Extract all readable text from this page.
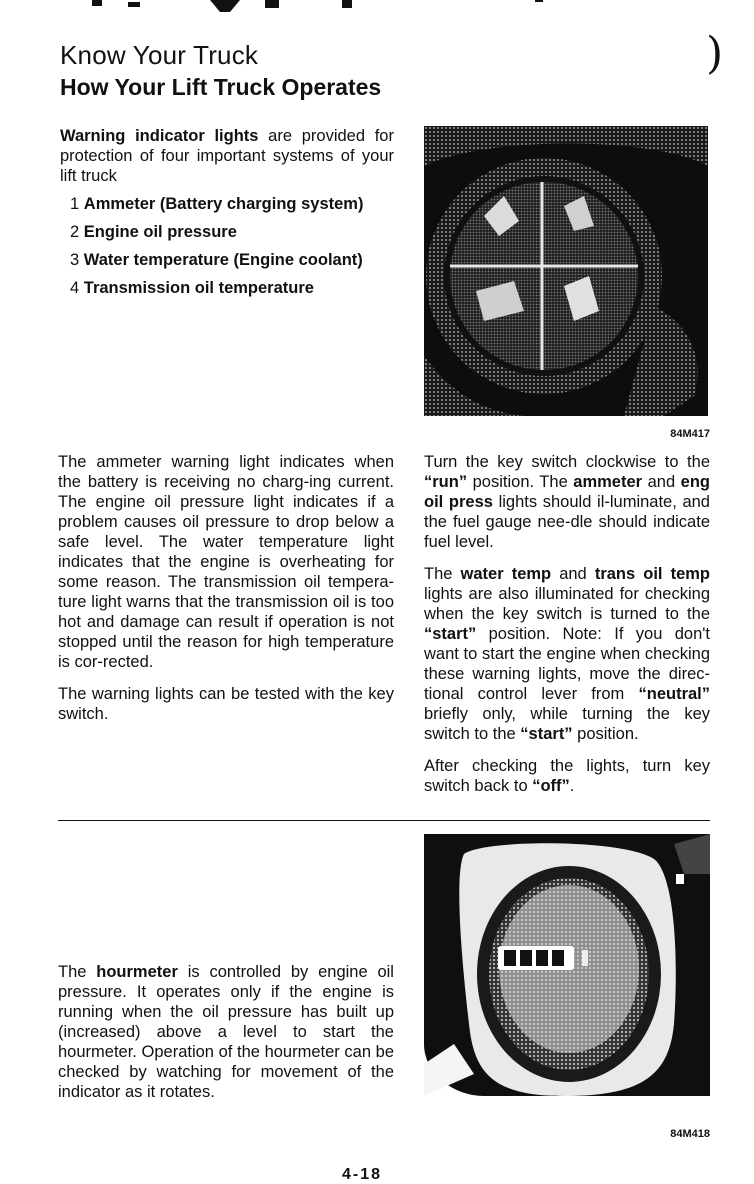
Know Your Truck
How Your Lift Truck Operates
)
Warning indicator lights are provided for protection of four important systems of your lift truck
1 Ammeter (Battery charging system)
2 Engine oil pressure
3 Water temperature (Engine coolant)
4 Transmission oil temperature
84M417

The ammeter warning light indicates when the battery is receiving no charg-ing current. The engine oil pressure light indicates if a problem causes oil pressure to drop below a safe level. The water temperature light indicates that the engine is overheating for some reason. The transmission oil tempera-ture light warns that the transmission oil is too hot and damage can result if operation is not stopped until the reason for high temperature is cor-rected.

The warning lights can be tested with the key switch.

Turn the key switch clockwise to the “run” position. The ammeter and eng oil press lights should il-luminate, and the fuel gauge nee-dle should indicate fuel level.

The water temp and trans oil temp lights are also illuminated for checking when the key switch is turned to the “start” position. Note: If you don't want to start the engine when checking these warning lights, move the direc-tional control lever from “neutral” briefly only, while turning the key switch to the “start” position.

After checking the lights, turn key switch back to “off”.

The hourmeter is controlled by engine oil pressure. It operates only if the engine is running when the oil pressure has built up (increased) above a level to start the hourmeter. Operation of the hourmeter can be checked by watching for movement of the indicator as it rotates.
84M418
4-18
